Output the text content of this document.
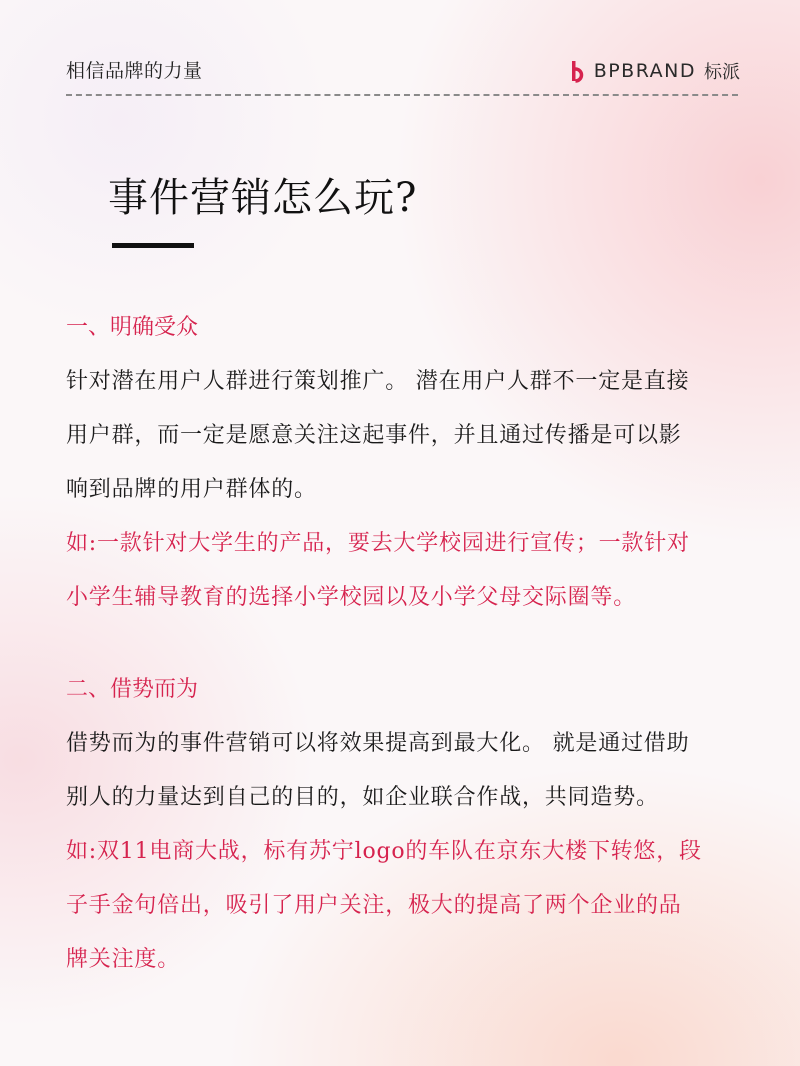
相信品牌的力量	BPBRAND 标派
事件营销怎么玩?
一、明确受众
针对潜在用户人群进行策划推广。 潜在用户人群不一定是直接
用户群，而一定是愿意关注这起事件，并且通过传播是可以影
响到品牌的用户群体的。
如:一款针对大学生的产品，要去大学校园进行宣传；一款针对
小学生辅导教育的选择小学校园以及小学父母交际圈等。
二、借势而为
借势而为的事件营销可以将效果提高到最大化。 就是通过借助
别人的力量达到自己的目的，如企业联合作战，共同造势。
如:双11电商大战，标有苏宁logo的车队在京东大楼下转悠，段
子手金句倍出，吸引了用户关注，极大的提高了两个企业的品
牌关注度。
